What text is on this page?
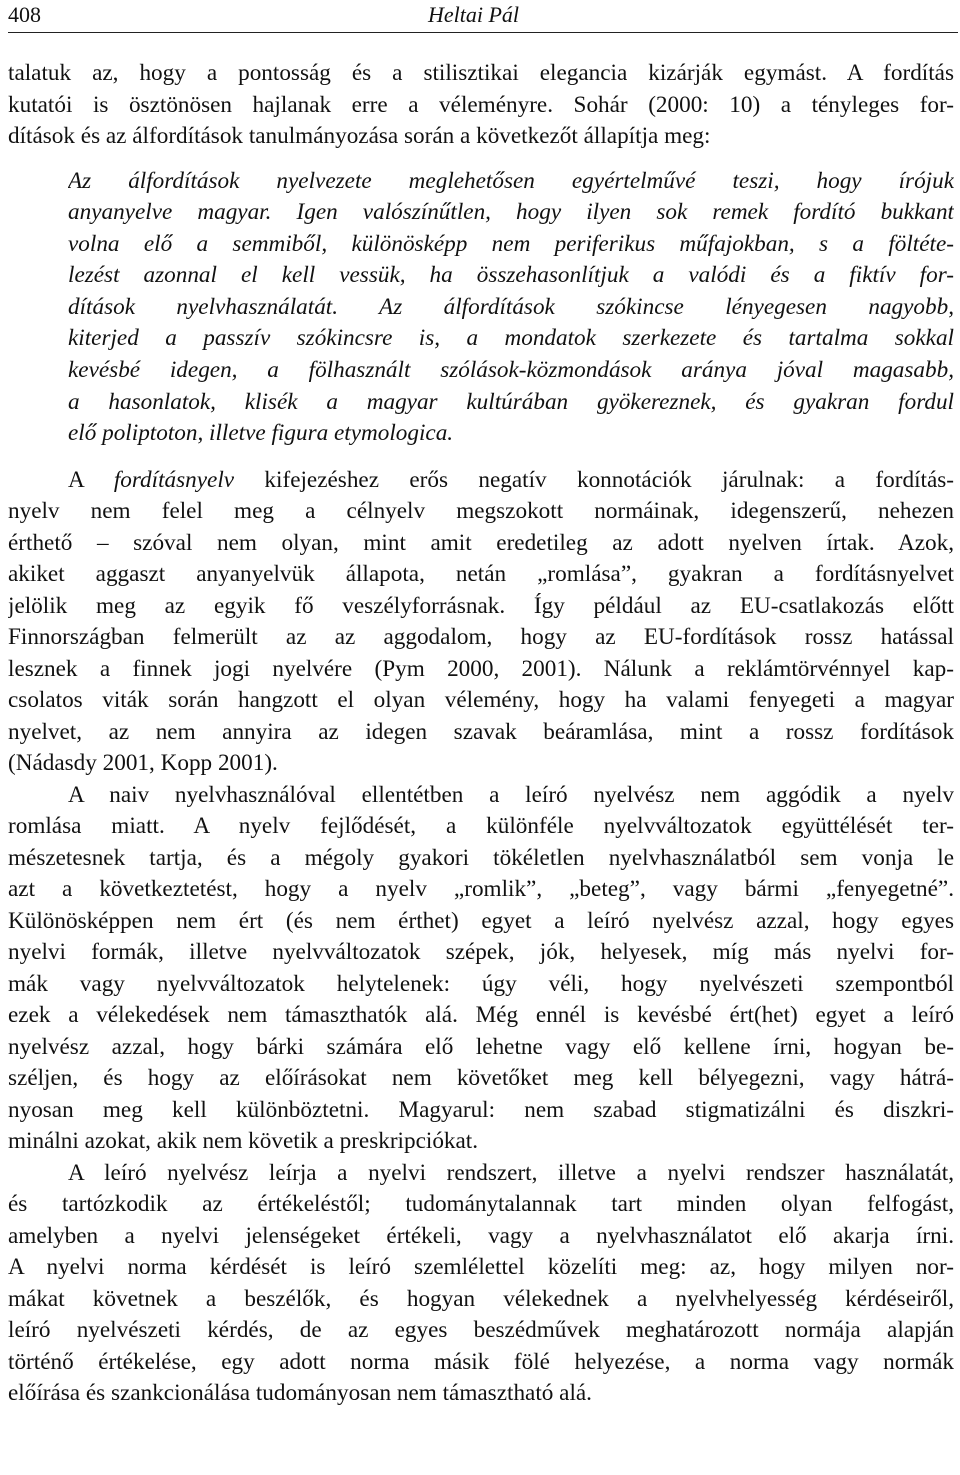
408	Heltai Pál
talatuk az, hogy a pontosság és a stilisztikai elegancia kizárják egymást. A fordítás
kutatói is ösztönösen hajlanak erre a véleményre. Sohár (2000: 10) a tényleges for-
dítások és az álfordítások tanulmányozása során a következőt állapítja meg:
Az álfordítások nyelvezete meglehetősen egyértelművé teszi, hogy írójuk
anyanyelve magyar. Igen valószínűtlen, hogy ilyen sok remek fordító bukkant
volna elő a semmiből, különösképp nem periferikus műfajokban, s a föltéte-
lezést azonnal el kell vessük, ha összehasonlítjuk a valódi és a fiktív for-
dítások nyelvhasználatát. Az álfordítások szókincse lényegesen nagyobb,
kiterjed a passzív szókincsre is, a mondatok szerkezete és tartalma sokkal
kevésbé idegen, a fölhasznált szólások-közmondások aránya jóval magasabb,
a hasonlatok, klisék a magyar kultúrában gyökereznek, és gyakran fordul
elő poliptoton, illetve figura etymologica.
A fordításnyelv kifejezéshez erős negatív konnotációk járulnak: a fordítás-
nyelv nem felel meg a célnyelv megszokott normáinak, idegenszerű, nehezen
érthető – szóval nem olyan, mint amit eredetileg az adott nyelven írtak. Azok,
akiket aggaszt anyanyelvük állapota, netán „romlása”, gyakran a fordításnyelvet
jelölik meg az egyik fő veszélyforrásnak. Így például az EU-csatlakozás előtt
Finnországban felmerült az az aggodalom, hogy az EU-fordítások rossz hatással
lesznek a finnek jogi nyelvére (Pym 2000, 2001). Nálunk a reklámtörvénnyel kap-
csolatos viták során hangzott el olyan vélemény, hogy ha valami fenyegeti a magyar
nyelvet, az nem annyira az idegen szavak beáramlása, mint a rossz fordítások
(Nádasdy 2001, Kopp 2001).
A naiv nyelvhasználóval ellentétben a leíró nyelvész nem aggódik a nyelv
romlása miatt. A nyelv fejlődését, a különféle nyelvváltozatok együttélését ter-
mészetesnek tartja, és a mégoly gyakori tökéletlen nyelvhasználatból sem vonja le
azt a következtetést, hogy a nyelv „romlik”, „beteg”, vagy bármi „fenyegetné”.
Különösképpen nem ért (és nem érthet) egyet a leíró nyelvész azzal, hogy egyes
nyelvi formák, illetve nyelvváltozatok szépek, jók, helyesek, míg más nyelvi for-
mák vagy nyelvváltozatok helytelenek: úgy véli, hogy nyelvészeti szempontból
ezek a vélekedések nem támaszthatók alá. Még ennél is kevésbé ért(het) egyet a leíró
nyelvész azzal, hogy bárki számára elő lehetne vagy elő kellene írni, hogyan be-
széljen, és hogy az előírásokat nem követőket meg kell bélyegezni, vagy hátrá-
nyosan meg kell különböztetni. Magyarul: nem szabad stigmatizálni és diszkri-
minálni azokat, akik nem követik a preskripciókat.
A leíró nyelvész leírja a nyelvi rendszert, illetve a nyelvi rendszer használatát,
és tartózkodik az értékeléstől; tudománytalannak tart minden olyan felfogást,
amelyben a nyelvi jelenségeket értékeli, vagy a nyelvhasználatot elő akarja írni.
A nyelvi norma kérdését is leíró szemlélettel közelíti meg: az, hogy milyen nor-
mákat követnek a beszélők, és hogyan vélekednek a nyelvhelyesség kérdéseiről,
leíró nyelvészeti kérdés, de az egyes beszédművek meghatározott normája alapján
történő értékelése, egy adott norma másik fölé helyezése, a norma vagy normák
előírása és szankcionálása tudományosan nem támasztható alá.
